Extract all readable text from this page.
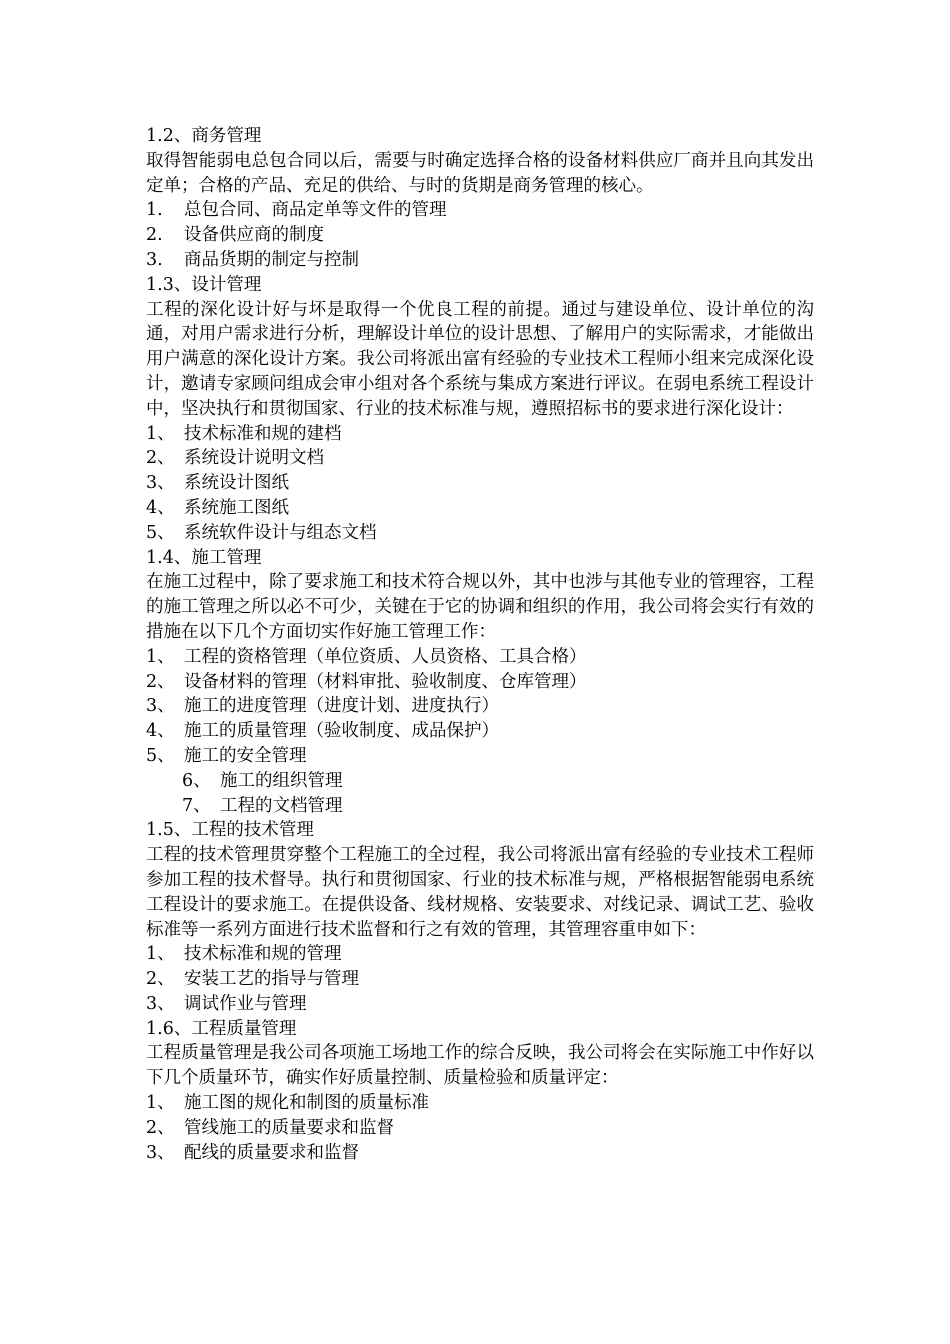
1.2、商务管理

取得智能弱电总包合同以后，需要与时确定选择合格的设备材料供应厂商并且向其发出定单；合格的产品、充足的供给、与时的货期是商务管理的核心。

1. 总包合同、商品定单等文件的管理
2. 设备供应商的制度
3. 商品货期的制定与控制
1.3、设计管理

工程的深化设计好与坏是取得一个优良工程的前提。通过与建设单位、设计单位的沟通，对用户需求进行分析，理解设计单位的设计思想、了解用户的实际需求，才能做出用户满意的深化设计方案。我公司将派出富有经验的专业技术工程师小组来完成深化设计，邀请专家顾问组成会审小组对各个系统与集成方案进行评议。在弱电系统工程设计中，坚决执行和贯彻国家、行业的技术标准与规，遵照招标书的要求进行深化设计：

1、 技术标准和规的建档
2、 系统设计说明文档
3、 系统设计图纸
4、 系统施工图纸
5、 系统软件设计与组态文档
1.4、施工管理

在施工过程中，除了要求施工和技术符合规以外，其中也涉与其他专业的管理容，工程的施工管理之所以必不可少，关键在于它的协调和组织的作用，我公司将会实行有效的措施在以下几个方面切实作好施工管理工作：

1、 工程的资格管理（单位资质、人员资格、工具合格）
2、 设备材料的管理（材料审批、验收制度、仓库管理）
3、 施工的进度管理（进度计划、进度执行）
4、 施工的质量管理（验收制度、成品保护）
5、 施工的安全管理
6、 施工的组织管理
7、 工程的文档管理
1.5、工程的技术管理

工程的技术管理贯穿整个工程施工的全过程，我公司将派出富有经验的专业技术工程师参加工程的技术督导。执行和贯彻国家、行业的技术标准与规，严格根据智能弱电系统工程设计的要求施工。在提供设备、线材规格、安装要求、对线记录、调试工艺、验收标准等一系列方面进行技术监督和行之有效的管理，其管理容重申如下：

1、 技术标准和规的管理
2、 安装工艺的指导与管理
3、 调试作业与管理
1.6、工程质量管理

工程质量管理是我公司各项施工场地工作的综合反映，我公司将会在实际施工中作好以下几个质量环节，确实作好质量控制、质量检验和质量评定：

1、 施工图的规化和制图的质量标准
2、 管线施工的质量要求和监督
3、 配线的质量要求和监督
